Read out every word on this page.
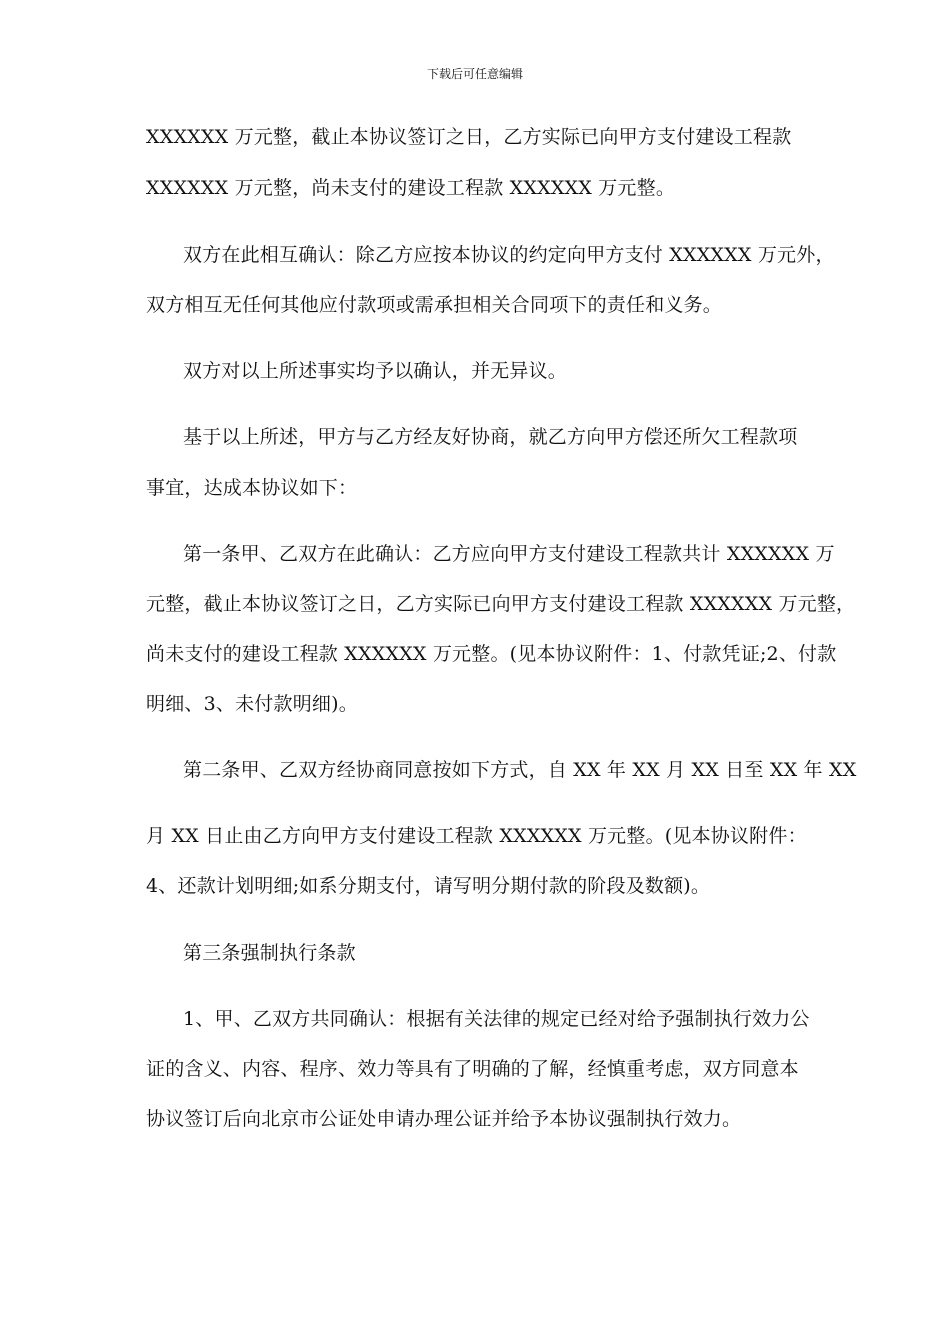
下载后可任意编辑
XXXXXX 万元整，截止本协议签订之日，乙方实际已向甲方支付建设工程款
XXXXXX 万元整，尚未支付的建设工程款 XXXXXX 万元整。
双方在此相互确认：除乙方应按本协议的约定向甲方支付 XXXXXX 万元外，
双方相互无任何其他应付款项或需承担相关合同项下的责任和义务。
双方对以上所述事实均予以确认，并无异议。
基于以上所述，甲方与乙方经友好协商，就乙方向甲方偿还所欠工程款项
事宜，达成本协议如下：
第一条甲、乙双方在此确认：乙方应向甲方支付建设工程款共计 XXXXXX 万
元整，截止本协议签订之日，乙方实际已向甲方支付建设工程款 XXXXXX 万元整，
尚未支付的建设工程款 XXXXXX 万元整。(见本协议附件：1、付款凭证;2、付款
明细、3、未付款明细)。
第二条甲、乙双方经协商同意按如下方式，自 XX 年 XX 月 XX 日至 XX 年 XX
月 XX 日止由乙方向甲方支付建设工程款 XXXXXX 万元整。(见本协议附件：
4、还款计划明细;如系分期支付，请写明分期付款的阶段及数额)。
第三条强制执行条款
1、甲、乙双方共同确认：根据有关法律的规定已经对给予强制执行效力公
证的含义、内容、程序、效力等具有了明确的了解，经慎重考虑，双方同意本
协议签订后向北京市公证处申请办理公证并给予本协议强制执行效力。
